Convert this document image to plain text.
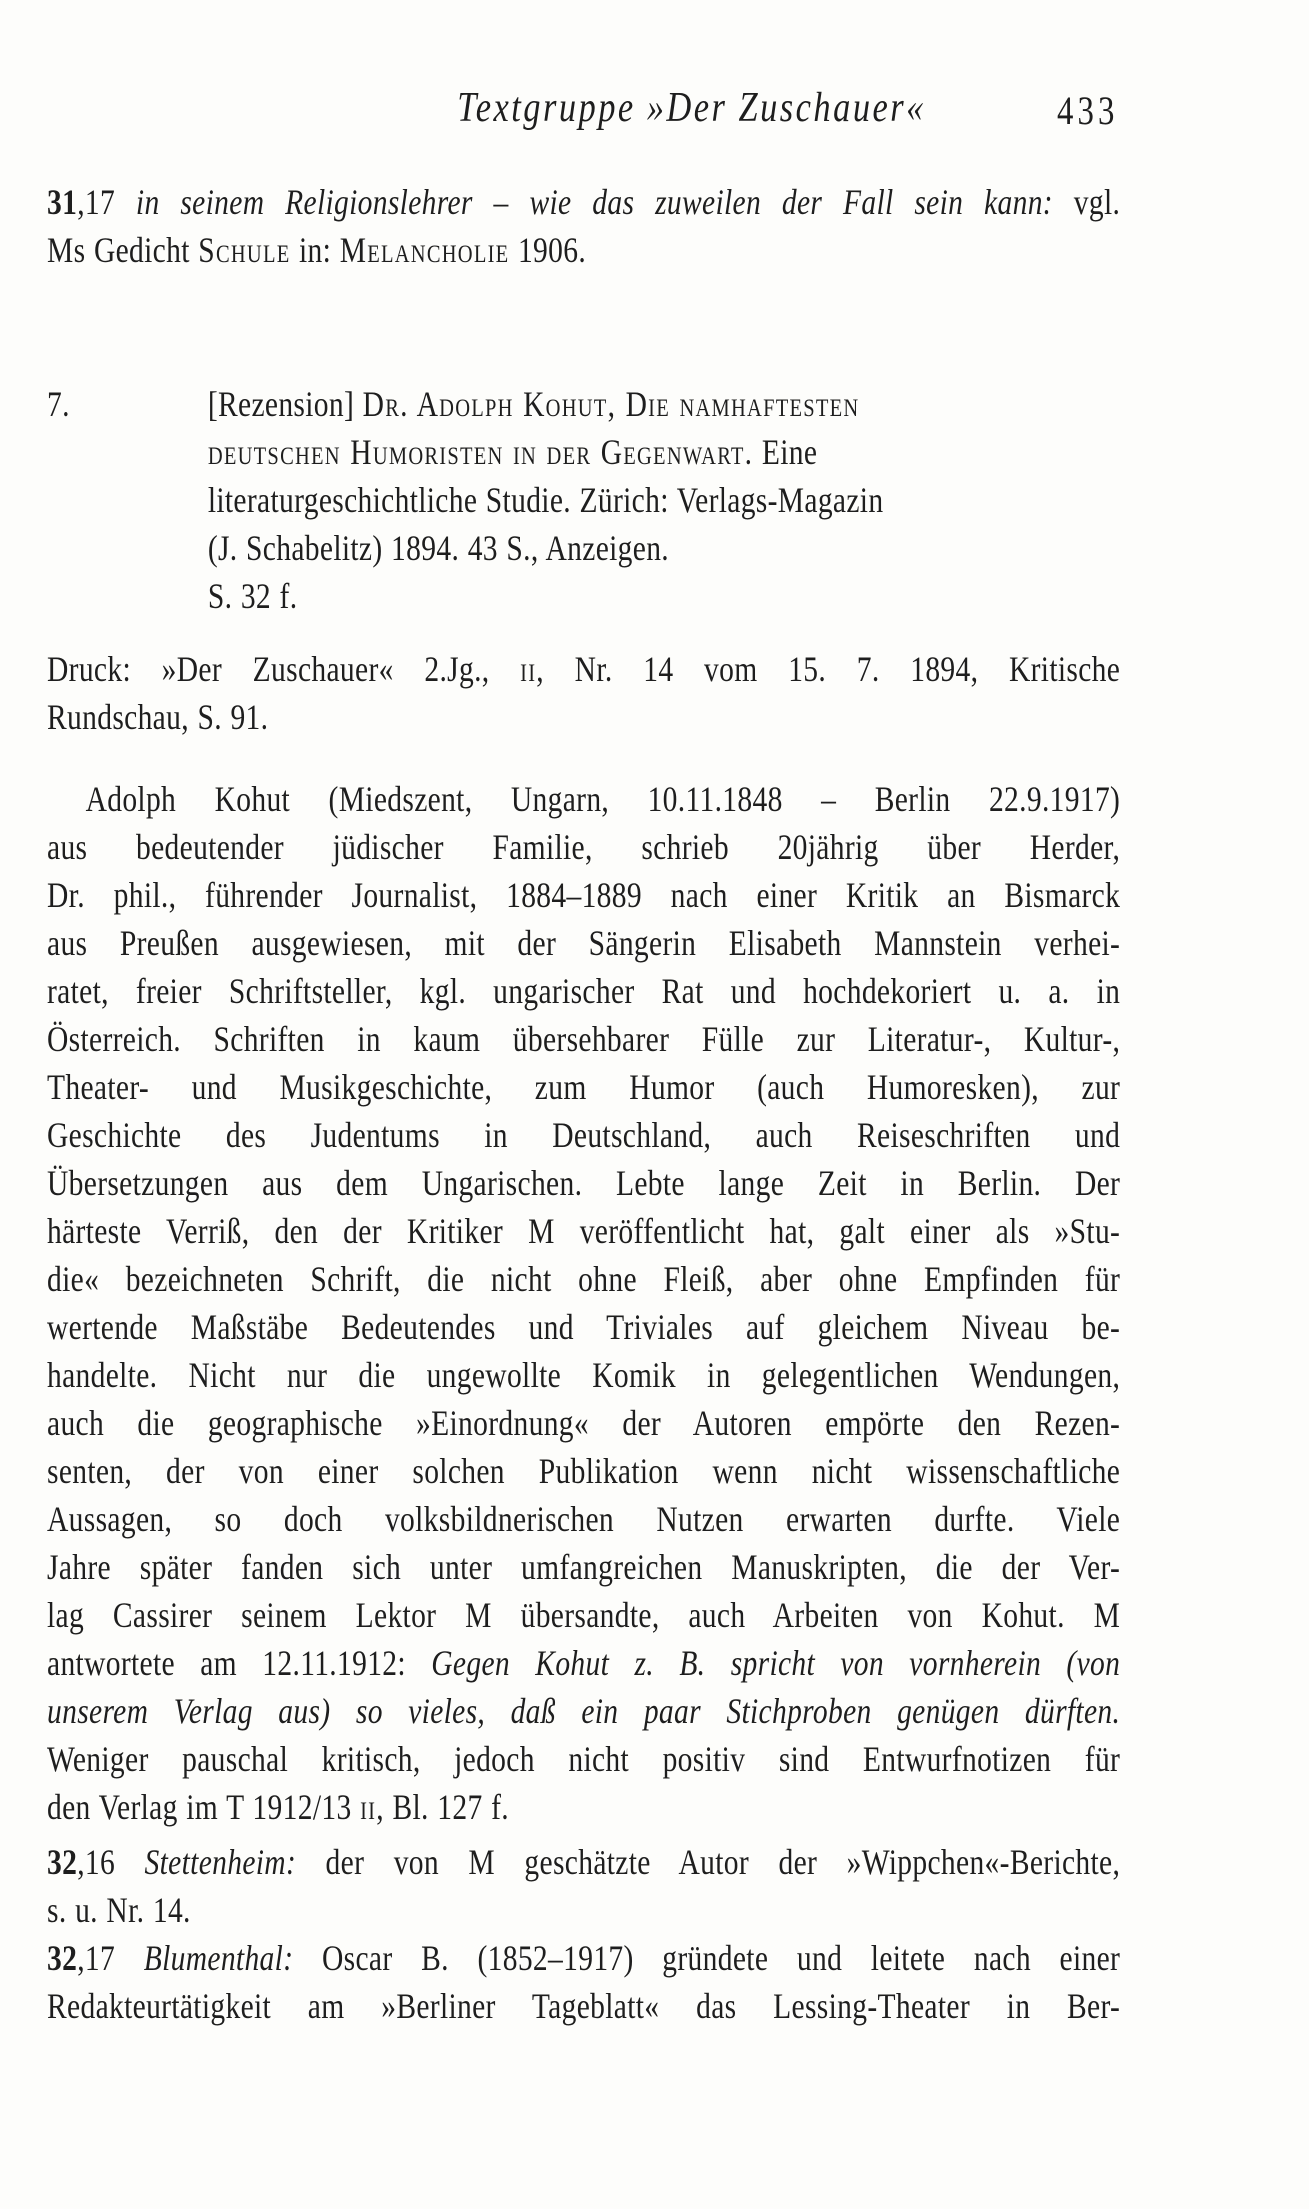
Textgruppe »Der Zuschauer«	433
31,17 in seinem Religionslehrer – wie das zuweilen der Fall sein kann: vgl.
Ms Gedicht Schule in: Melancholie 1906.
7.	[Rezension] Dr. Adolph Kohut, Die namhaftesten
deutschen Humoristen in der Gegenwart. Eine
literaturgeschichtliche Studie. Zürich: Verlags-Magazin
(J. Schabelitz) 1894. 43 S., Anzeigen.
S. 32 f.
Druck: »Der Zuschauer« 2.Jg., ii, Nr. 14 vom 15. 7. 1894, Kritische
Rundschau, S. 91.
Adolph Kohut (Miedszent, Ungarn, 10.11.1848 – Berlin 22.9.1917)
aus bedeutender jüdischer Familie, schrieb 20jährig über Herder,
Dr. phil., führender Journalist, 1884–1889 nach einer Kritik an Bismarck
aus Preußen ausgewiesen, mit der Sängerin Elisabeth Mannstein verhei-
ratet, freier Schriftsteller, kgl. ungarischer Rat und hochdekoriert u. a. in
Österreich. Schriften in kaum übersehbarer Fülle zur Literatur-, Kultur-,
Theater- und Musikgeschichte, zum Humor (auch Humoresken), zur
Geschichte des Judentums in Deutschland, auch Reiseschriften und
Übersetzungen aus dem Ungarischen. Lebte lange Zeit in Berlin. Der
härteste Verriß, den der Kritiker M veröffentlicht hat, galt einer als »Stu-
die« bezeichneten Schrift, die nicht ohne Fleiß, aber ohne Empfinden für
wertende Maßstäbe Bedeutendes und Triviales auf gleichem Niveau be-
handelte. Nicht nur die ungewollte Komik in gelegentlichen Wendungen,
auch die geographische »Einordnung« der Autoren empörte den Rezen-
senten, der von einer solchen Publikation wenn nicht wissenschaftliche
Aussagen, so doch volksbildnerischen Nutzen erwarten durfte. Viele
Jahre später fanden sich unter umfangreichen Manuskripten, die der Ver-
lag Cassirer seinem Lektor M übersandte, auch Arbeiten von Kohut. M
antwortete am 12.11.1912: Gegen Kohut z. B. spricht von vornherein (von
unserem Verlag aus) so vieles, daß ein paar Stichproben genügen dürften.
Weniger pauschal kritisch, jedoch nicht positiv sind Entwurfnotizen für
den Verlag im T 1912/13 ii, Bl. 127 f.
32,16 Stettenheim: der von M geschätzte Autor der »Wippchen«-Berichte,
s. u. Nr. 14.
32,17 Blumenthal: Oscar B. (1852–1917) gründete und leitete nach einer
Redakteurtätigkeit am »Berliner Tageblatt« das Lessing-Theater in Ber-
